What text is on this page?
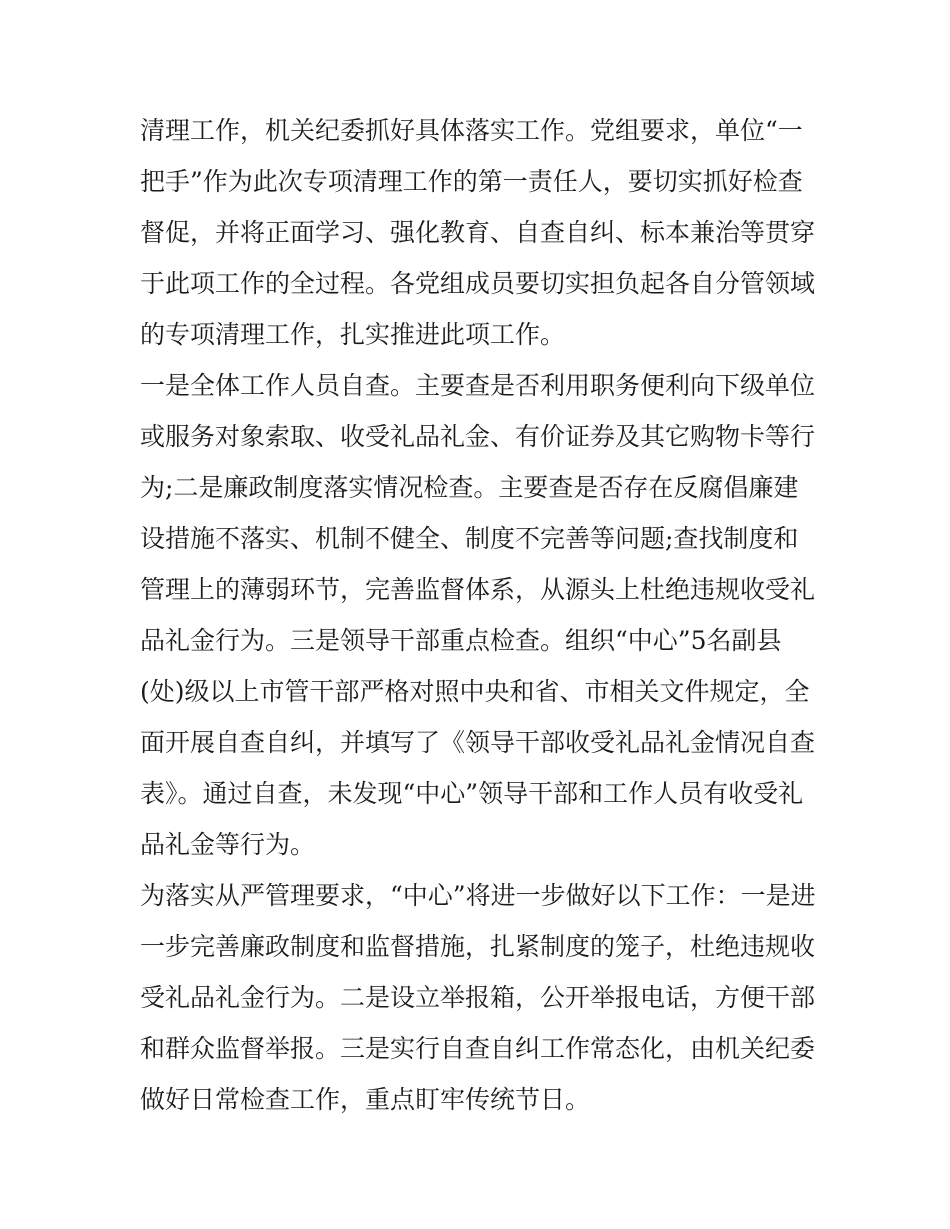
清理工作，机关纪委抓好具体落实工作。党组要求，单位“一
把手”作为此次专项清理工作的第一责任人，要切实抓好检查
督促，并将正面学习、强化教育、自查自纠、标本兼治等贯穿
于此项工作的全过程。各党组成员要切实担负起各自分管领域
的专项清理工作，扎实推进此项工作。
一是全体工作人员自查。主要查是否利用职务便利向下级单位
或服务对象索取、收受礼品礼金、有价证券及其它购物卡等行
为;二是廉政制度落实情况检查。主要查是否存在反腐倡廉建
设措施不落实、机制不健全、制度不完善等问题;查找制度和
管理上的薄弱环节，完善监督体系，从源头上杜绝违规收受礼
品礼金行为。三是领导干部重点检查。组织“中心”5名副县
(处)级以上市管干部严格对照中央和省、市相关文件规定，全
面开展自查自纠，并填写了《领导干部收受礼品礼金情况自查
表》。通过自查，未发现“中心”领导干部和工作人员有收受礼
品礼金等行为。
为落实从严管理要求，“中心”将进一步做好以下工作：一是进
一步完善廉政制度和监督措施，扎紧制度的笼子，杜绝违规收
受礼品礼金行为。二是设立举报箱，公开举报电话，方便干部
和群众监督举报。三是实行自查自纠工作常态化，由机关纪委
做好日常检查工作，重点盯牢传统节日。
